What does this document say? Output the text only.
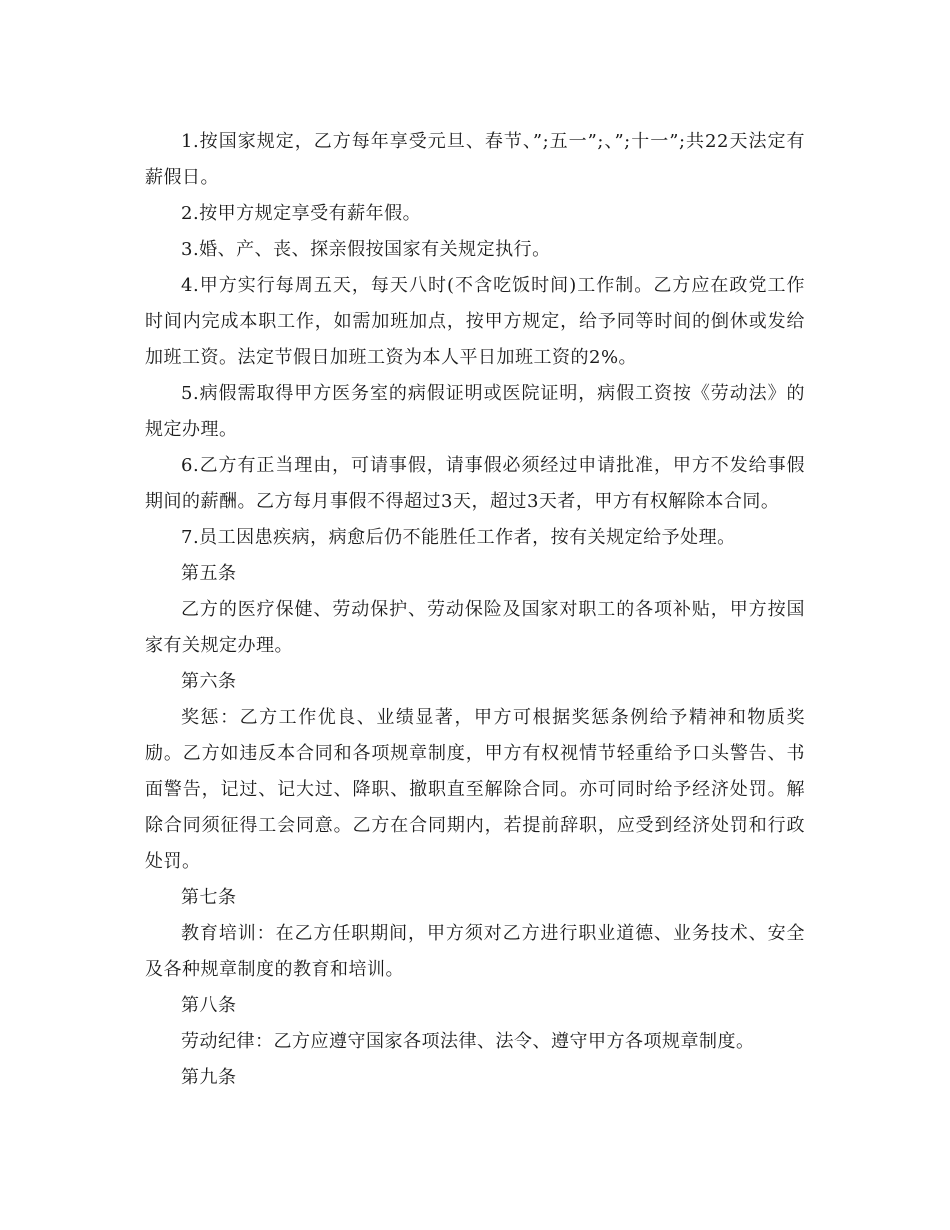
1.按国家规定，乙方每年享受元旦、春节、”;五一”;、”;十一”;共22天法定有薪假日。

2.按甲方规定享受有薪年假。

3.婚、产、丧、探亲假按国家有关规定执行。

4.甲方实行每周五天，每天八时(不含吃饭时间)工作制。乙方应在政党工作时间内完成本职工作，如需加班加点，按甲方规定，给予同等时间的倒休或发给加班工资。法定节假日加班工资为本人平日加班工资的2%。

5.病假需取得甲方医务室的病假证明或医院证明，病假工资按《劳动法》的规定办理。

6.乙方有正当理由，可请事假，请事假必须经过申请批准，甲方不发给事假期间的薪酬。乙方每月事假不得超过3天，超过3天者，甲方有权解除本合同。

7.员工因患疾病，病愈后仍不能胜任工作者，按有关规定给予处理。

第五条

乙方的医疗保健、劳动保护、劳动保险及国家对职工的各项补贴，甲方按国家有关规定办理。

第六条

奖惩：乙方工作优良、业绩显著，甲方可根据奖惩条例给予精神和物质奖励。乙方如违反本合同和各项规章制度，甲方有权视情节轻重给予口头警告、书面警告，记过、记大过、降职、撤职直至解除合同。亦可同时给予经济处罚。解除合同须征得工会同意。乙方在合同期内，若提前辞职，应受到经济处罚和行政处罚。

第七条

教育培训：在乙方任职期间，甲方须对乙方进行职业道德、业务技术、安全及各种规章制度的教育和培训。

第八条

劳动纪律：乙方应遵守国家各项法律、法令、遵守甲方各项规章制度。

第九条
